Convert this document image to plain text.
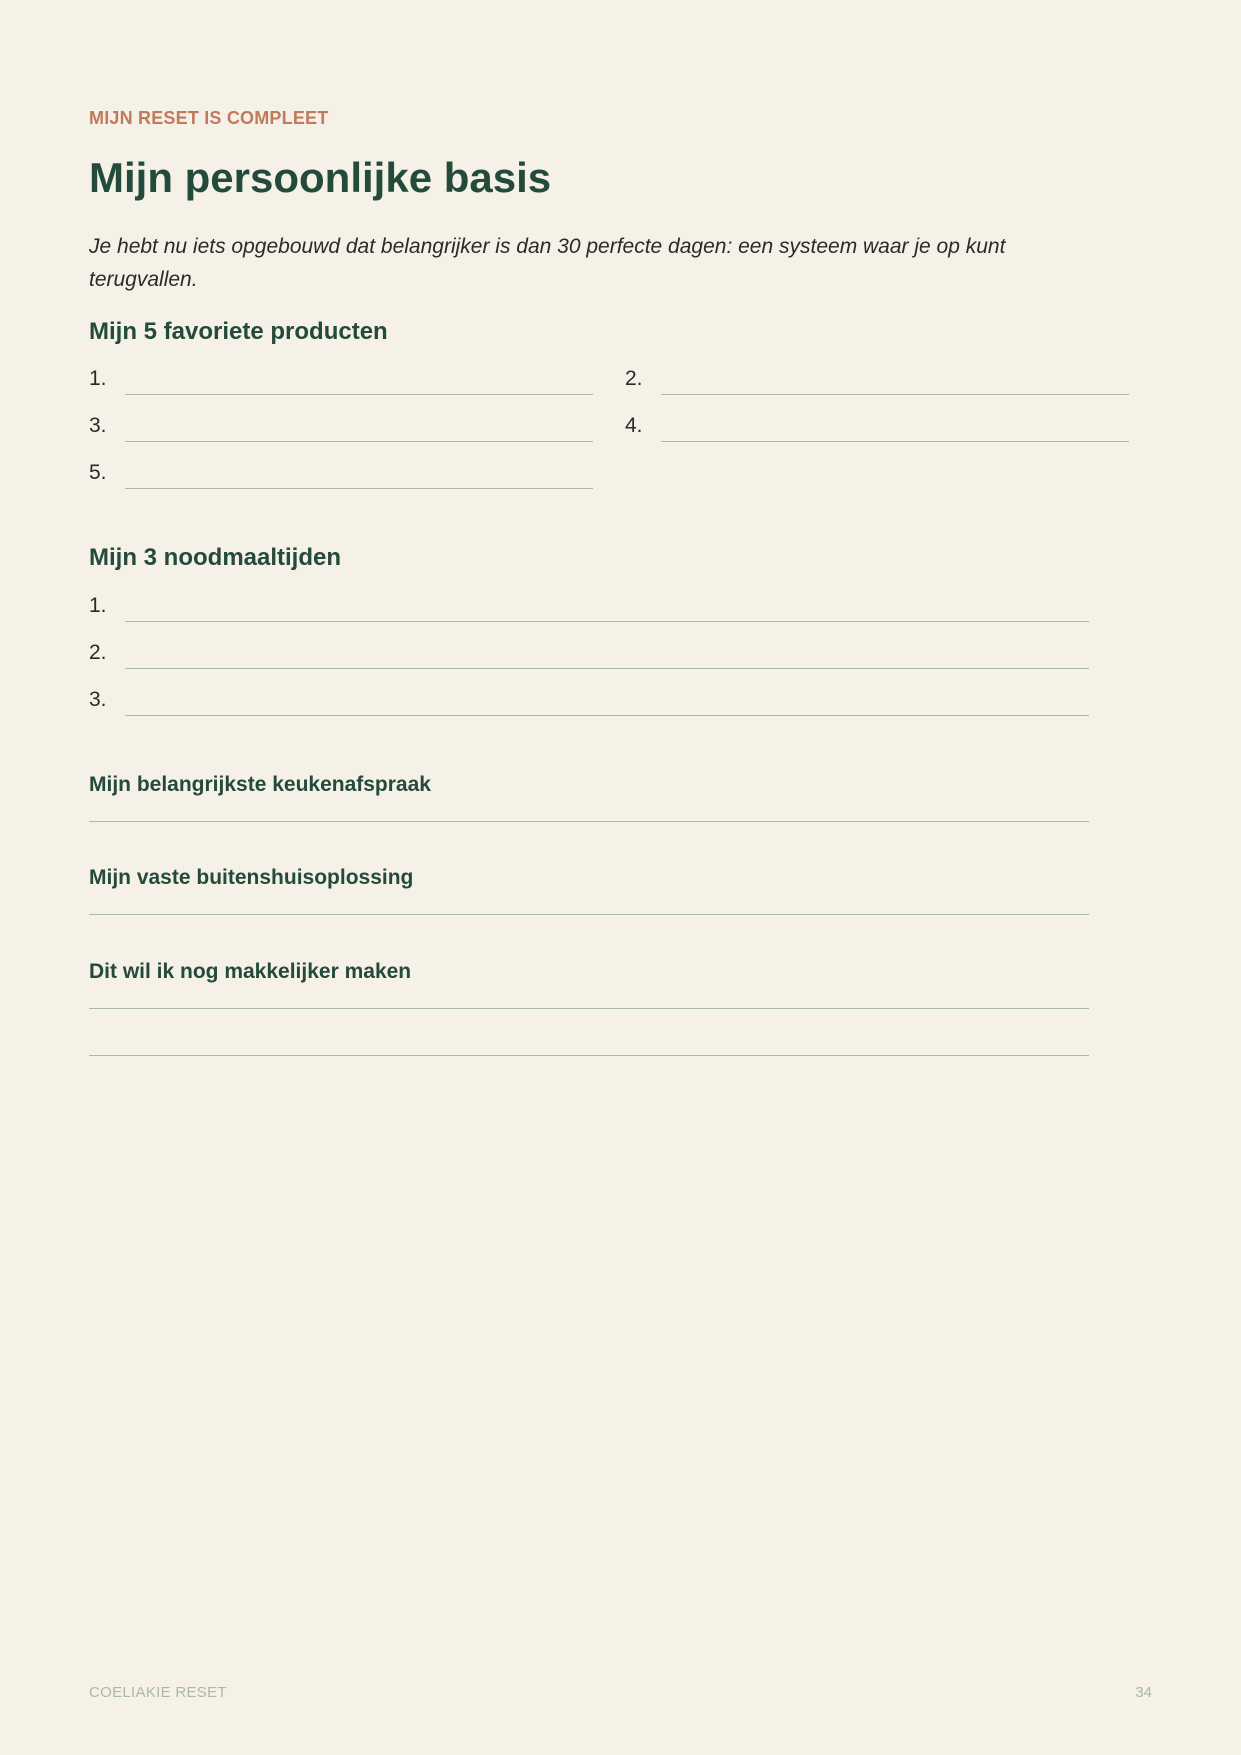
MIJN RESET IS COMPLEET
Mijn persoonlijke basis

Je hebt nu iets opgebouwd dat belangrijker is dan 30 perfecte dagen: een systeem waar je op kunt terugvallen.

Mijn 5 favoriete producten
1.	2.
3.	4.
5.
Mijn 3 noodmaaltijden
1.
2.
3.
Mijn belangrijkste keukenafspraak
Mijn vaste buitenshuisoplossing
Dit wil ik nog makkelijker maken
COELIAKIE RESET	34
